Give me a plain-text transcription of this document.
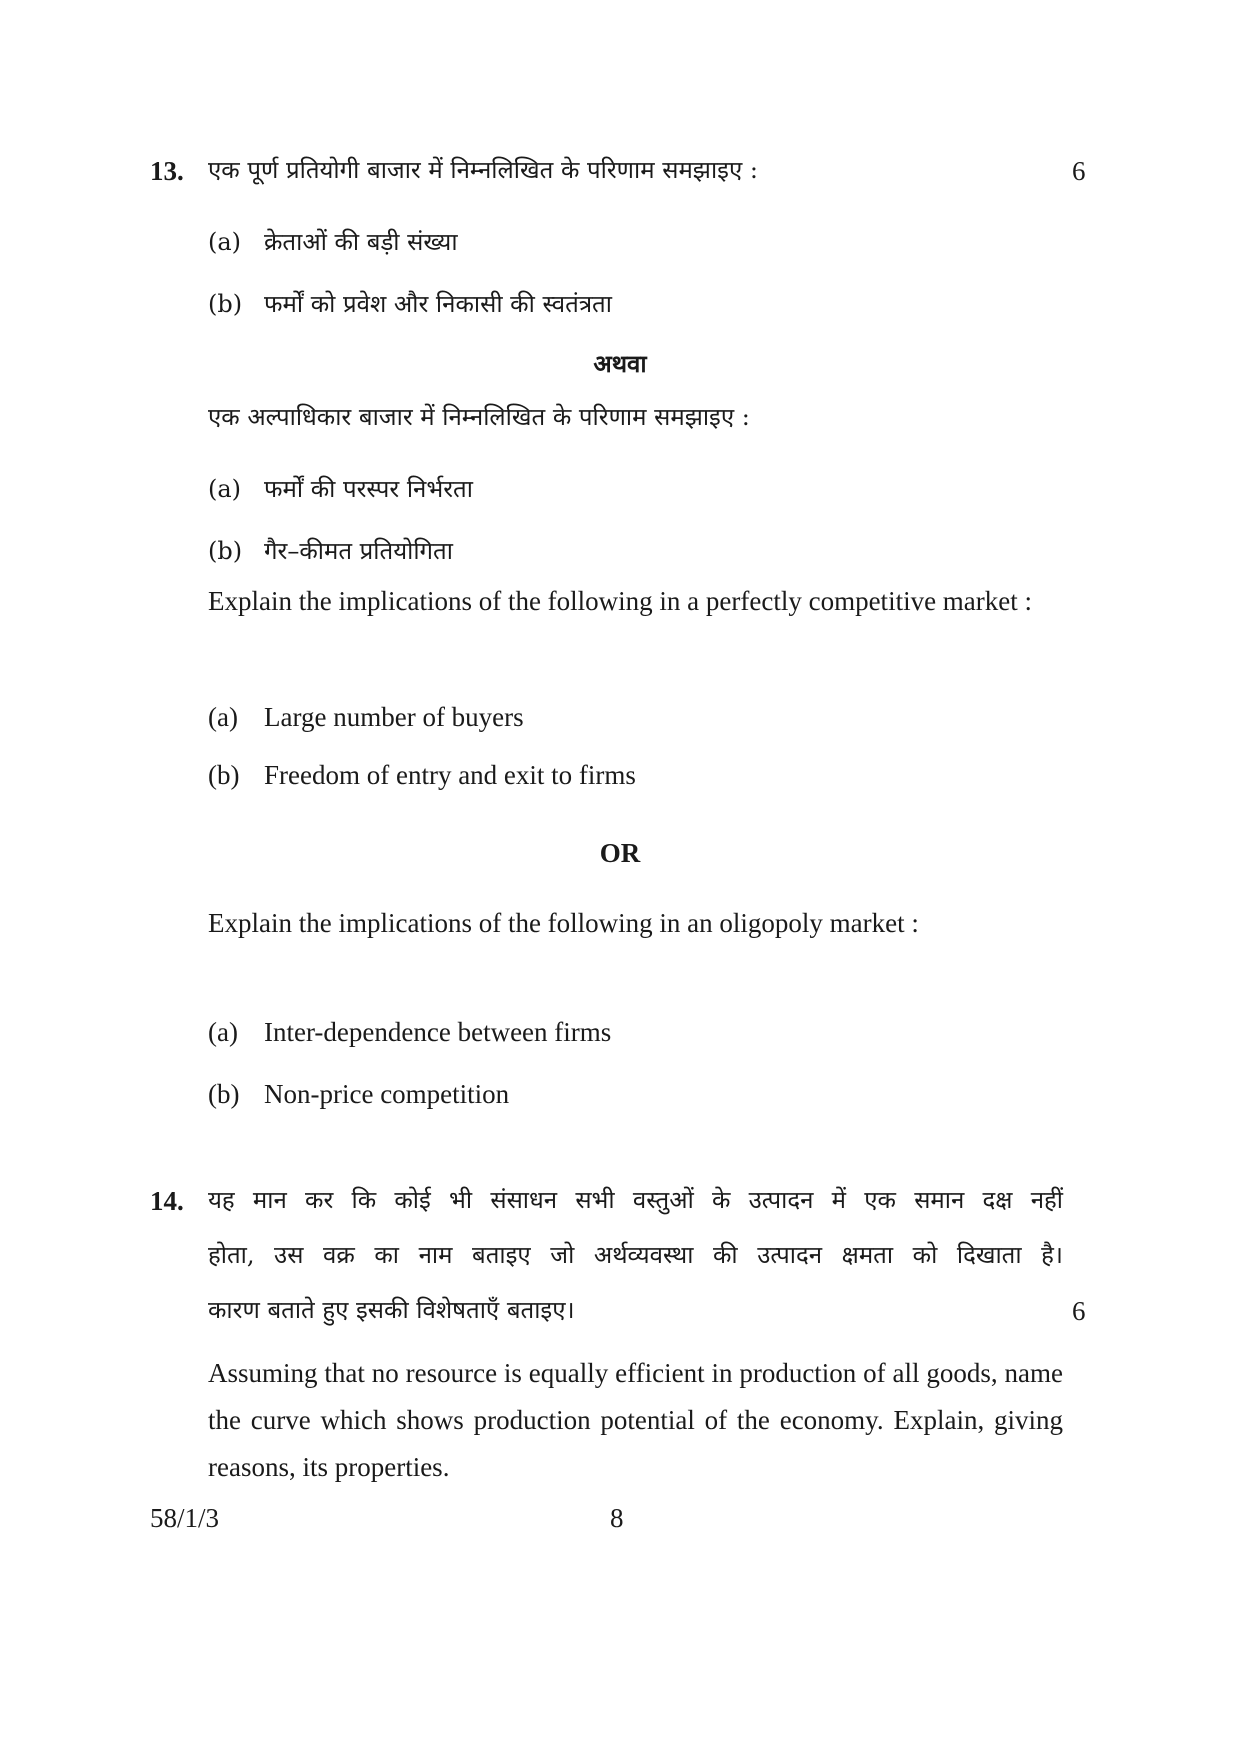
13. एक पूर्ण प्रतियोगी बाजार में निम्नलिखित के परिणाम समझाइए :	6
(a) क्रेताओं की बड़ी संख्या
(b) फर्मों को प्रवेश और निकासी की स्वतंत्रता
अथवा
एक अल्पाधिकार बाजार में निम्नलिखित के परिणाम समझाइए :
(a) फर्मों की परस्पर निर्भरता
(b) गैर–कीमत प्रतियोगिता
Explain the implications of the following in a perfectly competitive market :
(a) Large number of buyers
(b) Freedom of entry and exit to firms
OR
Explain the implications of the following in an oligopoly market :
(a) Inter-dependence between firms
(b) Non-price competition
14. यह मान कर कि कोई भी संसाधन सभी वस्तुओं के उत्पादन में एक समान दक्ष नहीं
होता, उस वक्र का नाम बताइए जो अर्थव्यवस्था की उत्पादन क्षमता को दिखाता है।
कारण बताते हुए इसकी विशेषताएँ बताइए।	6
Assuming that no resource is equally efficient in production of all goods, name the curve which shows production potential of the economy. Explain, giving reasons, its properties.
58/1/3	8
